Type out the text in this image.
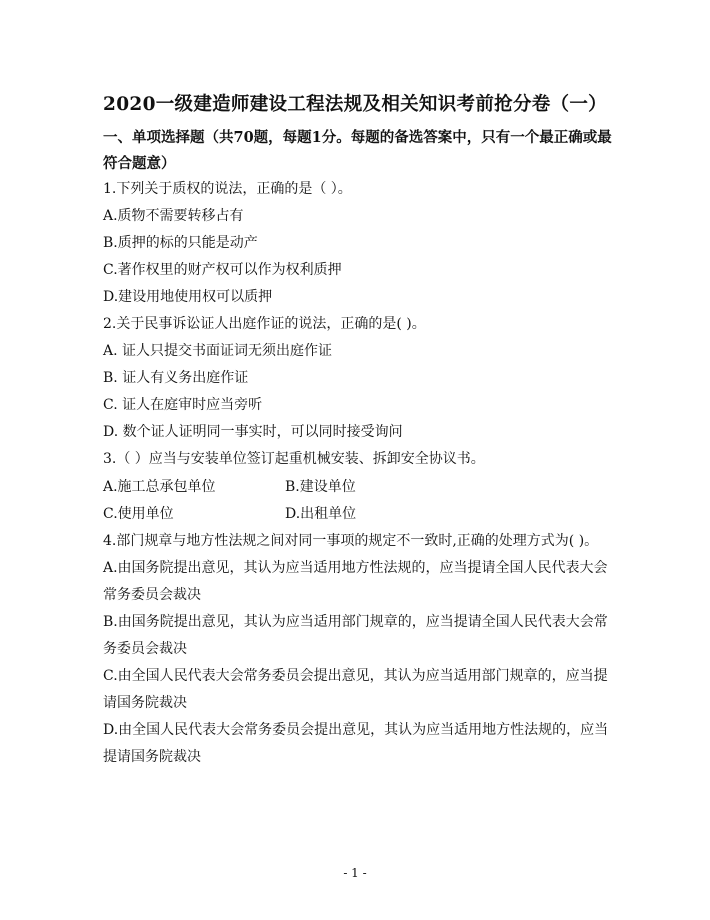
2020一级建造师建设工程法规及相关知识考前抢分卷（一）
一、单项选择题（共70题，每题1分。每题的备选答案中，只有一个最正确或最
符合题意）
1.下列关于质权的说法，正确的是（ ）。
A.质物不需要转移占有
B.质押的标的只能是动产
C.著作权里的财产权可以作为权利质押
D.建设用地使用权可以质押
2.关于民事诉讼证人出庭作证的说法，正确的是( )。
A. 证人只提交书面证词无须出庭作证
B. 证人有义务出庭作证
C. 证人在庭审时应当旁听
D. 数个证人证明同一事实时，可以同时接受询问
3.（ ）应当与安装单位签订起重机械安装、拆卸安全协议书。
A.施工总承包单位	B.建设单位
C.使用单位	D.出租单位
4.部门规章与地方性法规之间对同一事项的规定不一致时,正确的处理方式为( )。
A.由国务院提出意见，其认为应当适用地方性法规的，应当提请全国人民代表大会
常务委员会裁决
B.由国务院提出意见，其认为应当适用部门规章的，应当提请全国人民代表大会常
务委员会裁决
C.由全国人民代表大会常务委员会提出意见，其认为应当适用部门规章的，应当提
请国务院裁决
D.由全国人民代表大会常务委员会提出意见，其认为应当适用地方性法规的，应当
提请国务院裁决
- 1 -
